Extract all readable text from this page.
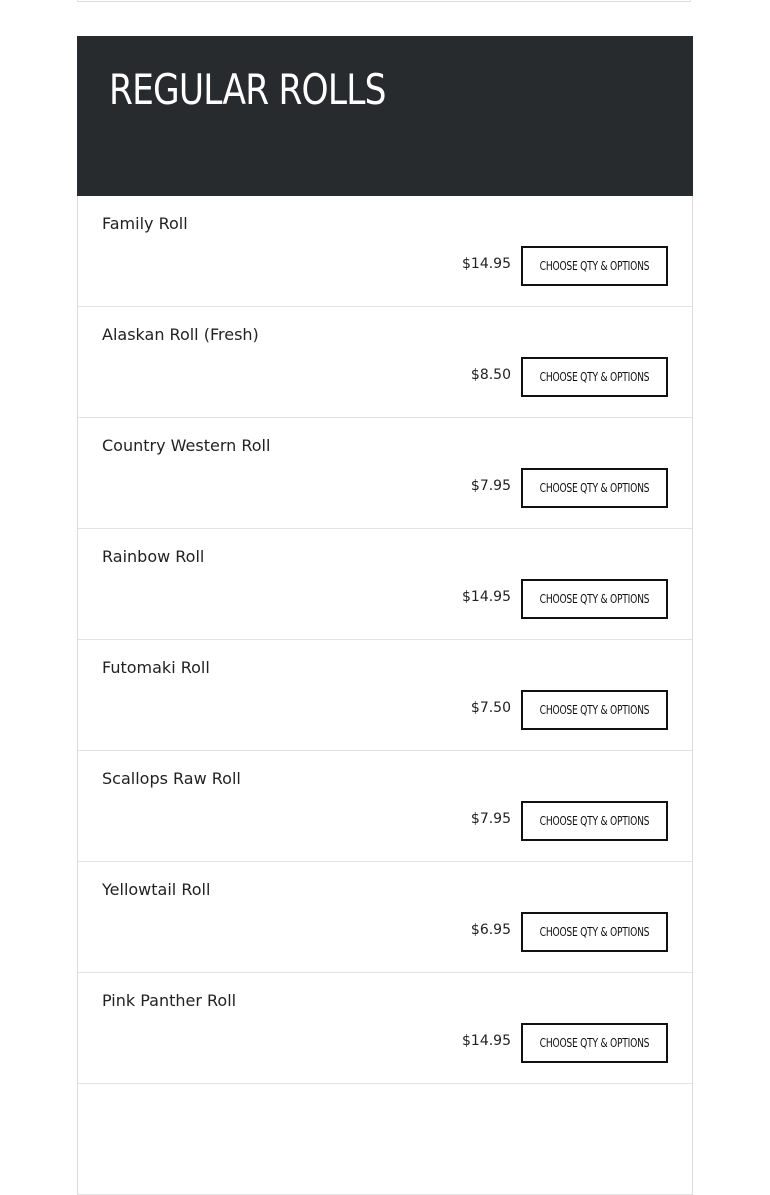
REGULAR ROLLS
Family Roll
$14.95 CHOOSE QTY & OPTIONS
Alaskan Roll (Fresh)
$8.50 CHOOSE QTY & OPTIONS
Country Western Roll
$7.95 CHOOSE QTY & OPTIONS
Rainbow Roll
$14.95 CHOOSE QTY & OPTIONS
Futomaki Roll
$7.50 CHOOSE QTY & OPTIONS
Scallops Raw Roll
$7.95 CHOOSE QTY & OPTIONS
Yellowtail Roll
$6.95 CHOOSE QTY & OPTIONS
Pink Panther Roll
$14.95 CHOOSE QTY & OPTIONS
